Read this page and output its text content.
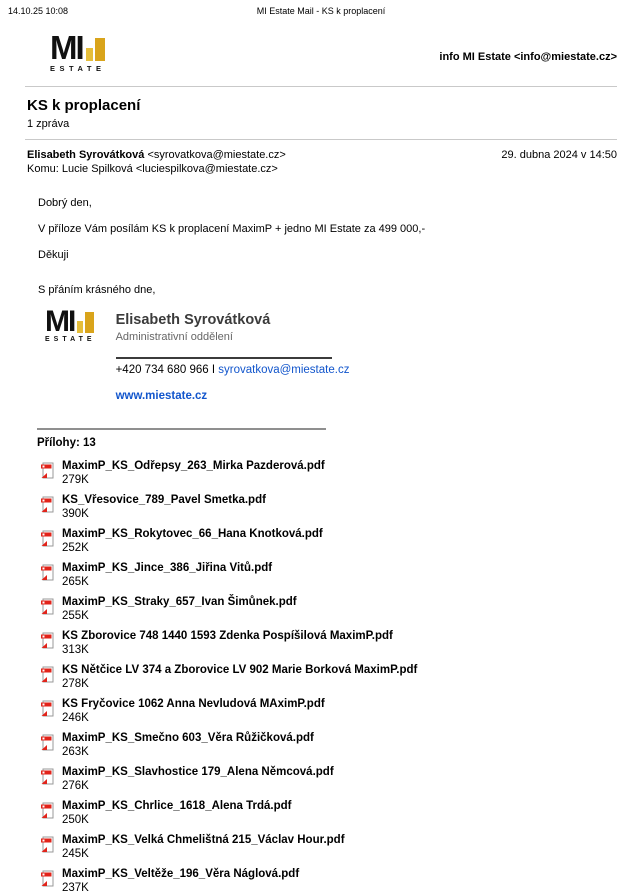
14.10.25 10:08	MI Estate Mail - KS k proplacení
MI
ESTATE
info MI Estate <info@miestate.cz>
KS k proplacení
1 zpráva
Elisabeth Syrovátková <syrovatkova@miestate.cz>
Komu: Lucie Spilková <luciespilkova@miestate.cz>
29. dubna 2024 v 14:50

Dobrý den,

V příloze Vám posílám KS k proplacení MaximP + jedno MI Estate za 499 000,-

Děkuji

S přáním krásného dne,

MI
ESTATE
Elisabeth Syrovátková
Administrativní oddělení
+420 734 680 966 I syrovatkova@miestate.cz
www.miestate.cz
Přílohy: 13
MaximP_KS_Odřepsy_263_Mirka Pazderová.pdf
279K
KS_Vřesovice_789_Pavel Smetka.pdf
390K
MaximP_KS_Rokytovec_66_Hana Knotková.pdf
252K
MaximP_KS_Jince_386_Jiřina Vitů.pdf
265K
MaximP_KS_Straky_657_Ivan Šimůnek.pdf
255K
KS Zborovice 748 1440 1593 Zdenka Pospíšilová MaximP.pdf
313K
KS Nětčice LV 374 a Zborovice LV 902 Marie Borková MaximP.pdf
278K
KS Fryčovice 1062 Anna Nevludová MAximP.pdf
246K
MaximP_KS_Smečno 603_Věra Růžičková.pdf
263K
MaximP_KS_Slavhostice 179_Alena Němcová.pdf
276K
MaximP_KS_Chrlice_1618_Alena Trdá.pdf
250K
MaximP_KS_Velká Chmelištná 215_Václav Hour.pdf
245K
MaximP_KS_Veltěže_196_Věra Náglová.pdf
237K
